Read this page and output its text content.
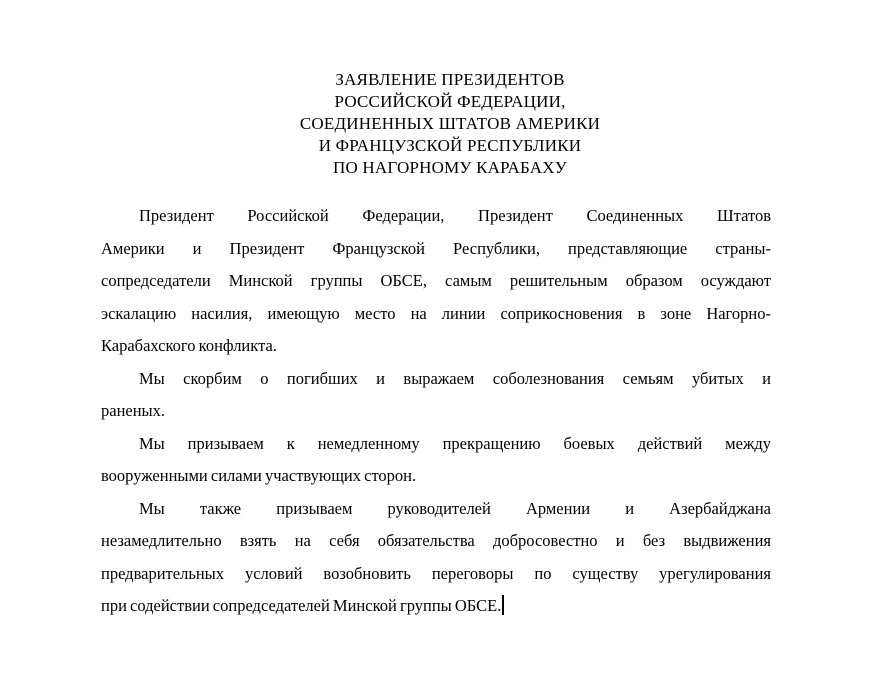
ЗАЯВЛЕНИЕ ПРЕЗИДЕНТОВ
РОССИЙСКОЙ ФЕДЕРАЦИИ,
СОЕДИНЕННЫХ ШТАТОВ АМЕРИКИ
И ФРАНЦУЗСКОЙ РЕСПУБЛИКИ
ПО НАГОРНОМУ КАРАБАХУ
Президент Российской Федерации, Президент Соединенных Штатов
Америки и Президент Французской Республики, представляющие страны-
сопредседатели Минской группы ОБСЕ, самым решительным образом осуждают
эскалацию насилия, имеющую место на линии соприкосновения в зоне Нагорно-
Карабахского конфликта.
Мы скорбим о погибших и выражаем соболезнования семьям убитых и
раненых.
Мы призываем к немедленному прекращению боевых действий между
вооруженными силами участвующих сторон.
Мы также призываем руководителей Армении и Азербайджана
незамедлительно взять на себя обязательства добросовестно и без выдвижения
предварительных условий возобновить переговоры по существу урегулирования
при содействии сопредседателей Минской группы ОБСЕ.
